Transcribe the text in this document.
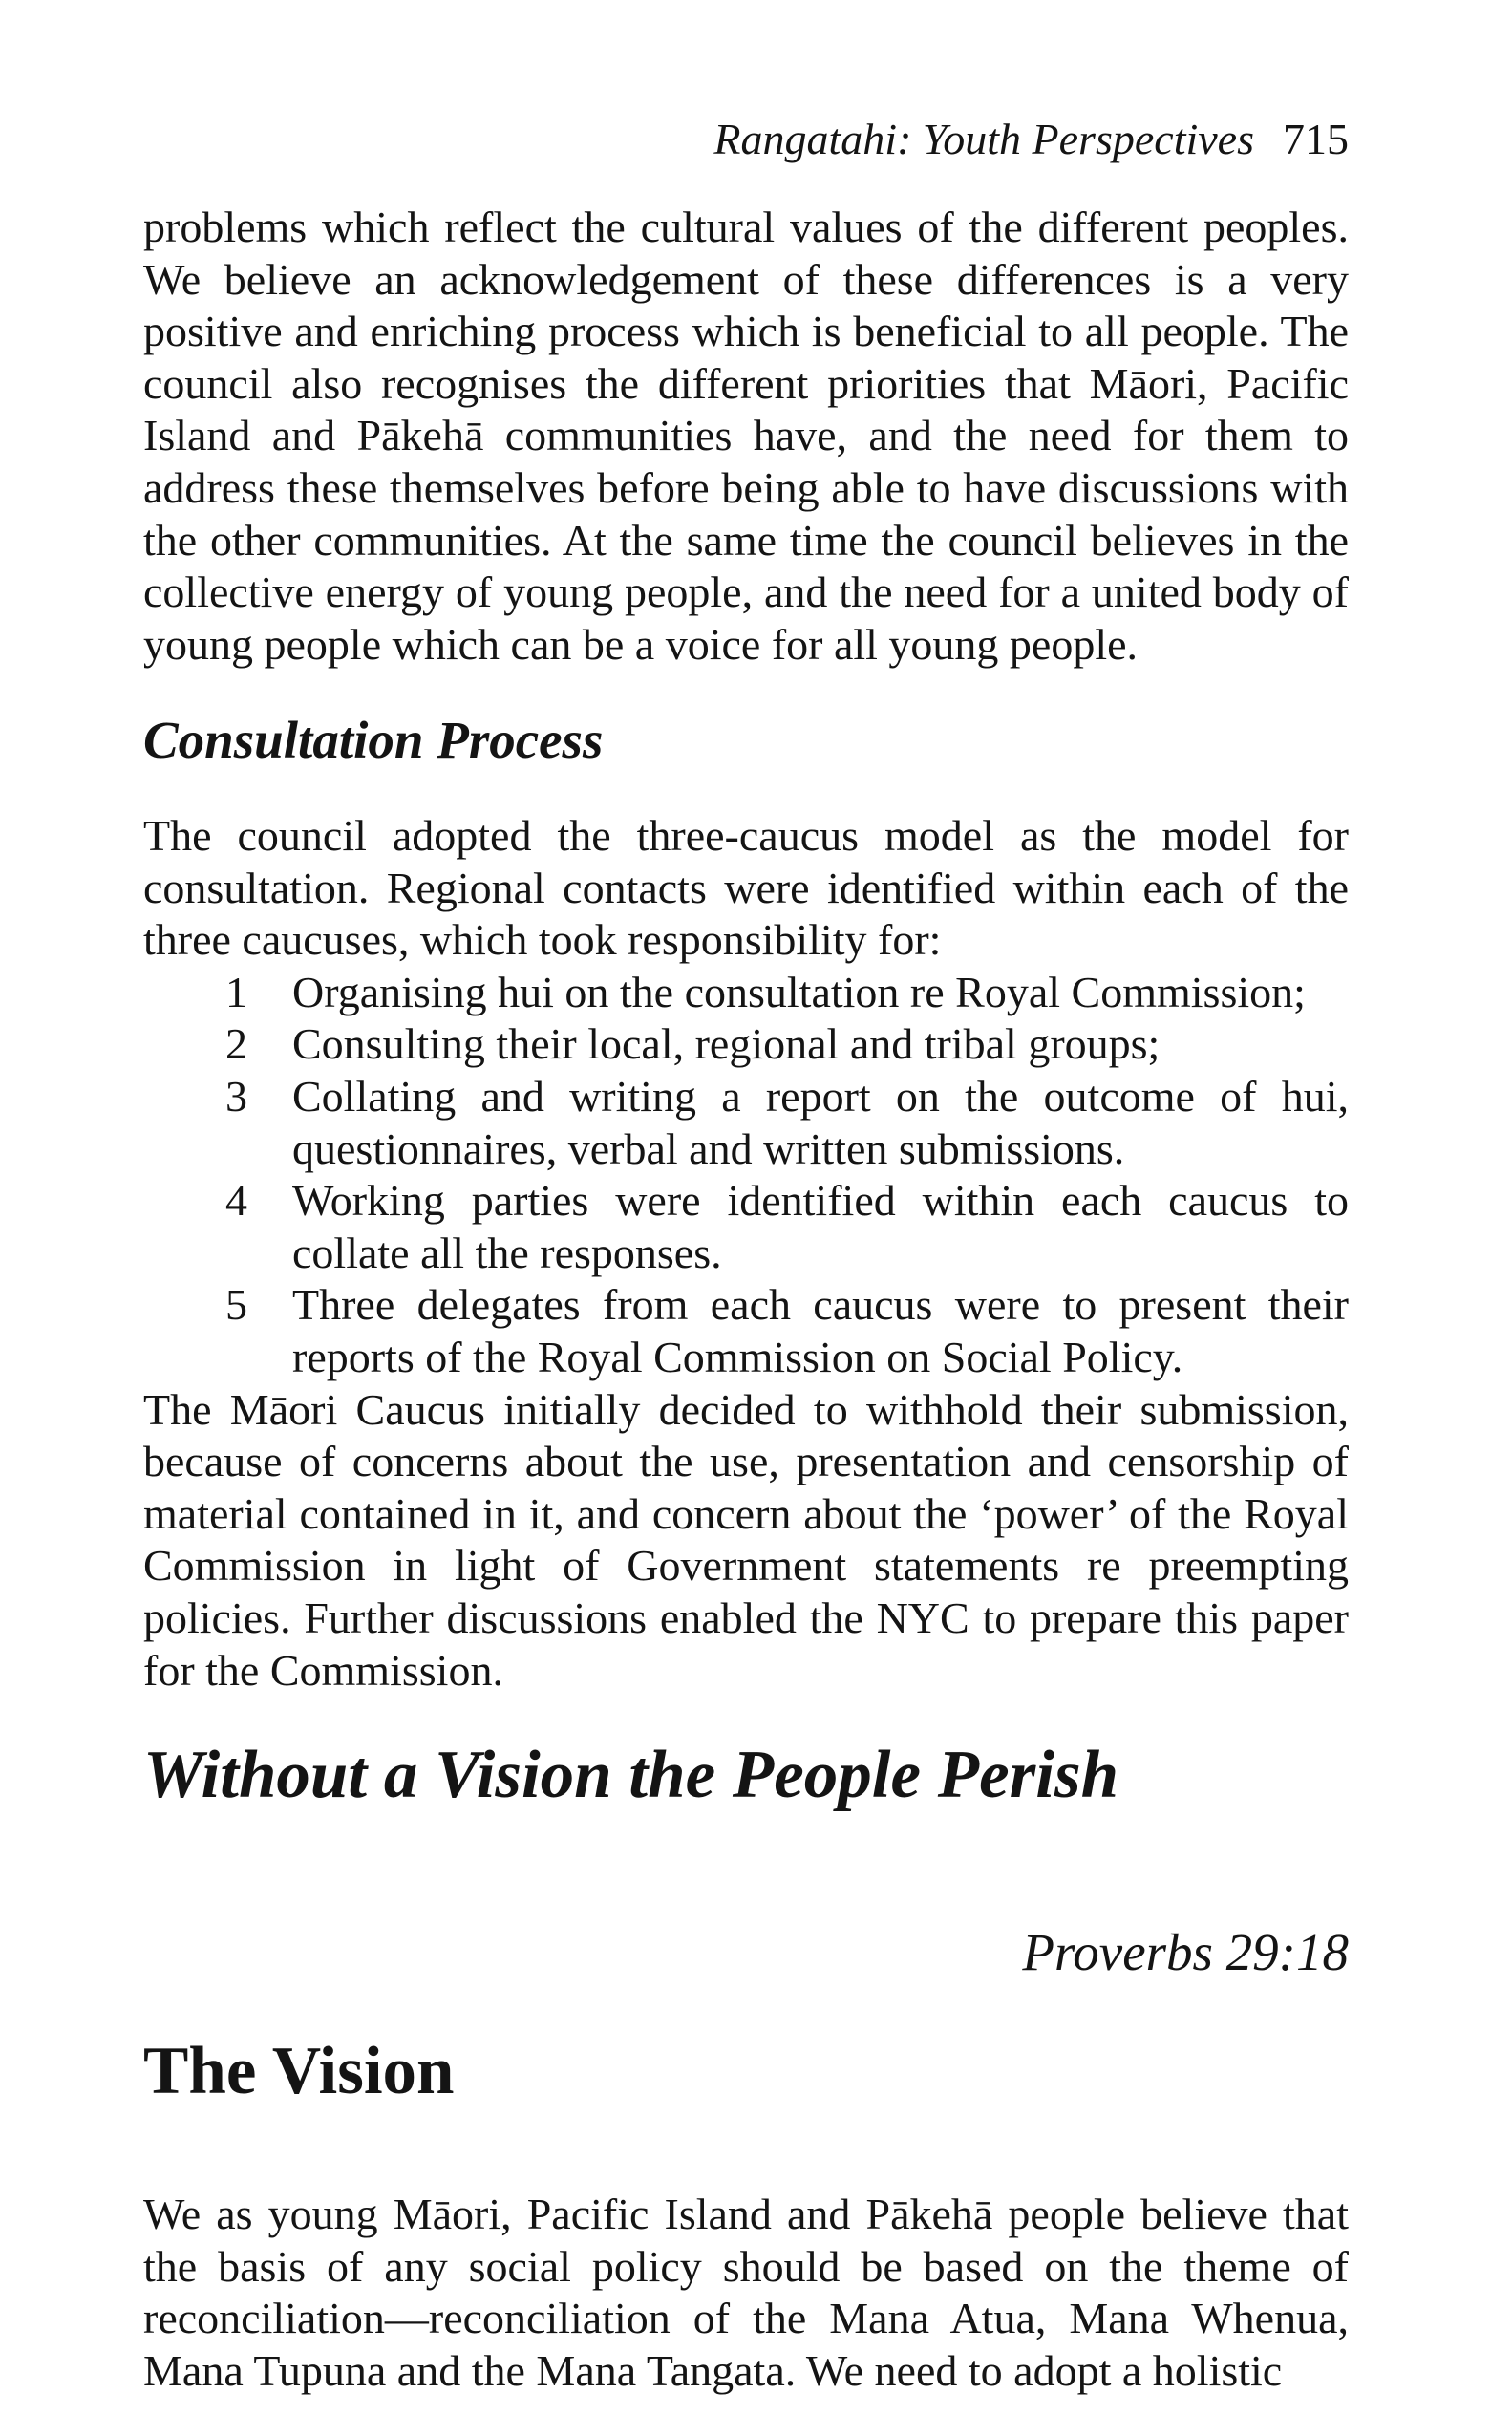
Rangatahi: Youth Perspectives 715

problems which reflect the cultural values of the different peoples. We believe an acknowledgement of these differences is a very positive and enriching process which is beneficial to all people. The council also recognises the different priorities that Māori, Pacific Island and Pākehā communities have, and the need for them to address these themselves before being able to have discussions with the other communities. At the same time the council believes in the collective energy of young people, and the need for a united body of young people which can be a voice for all young people.

Consultation Process

The council adopted the three-caucus model as the model for consultation. Regional contacts were identified within each of the three caucuses, which took responsibility for:

1 Organising hui on the consultation re Royal Commission;
2 Consulting their local, regional and tribal groups;
3 Collating and writing a report on the outcome of hui, questionnaires, verbal and written submissions.
4 Working parties were identified within each caucus to collate all the responses.
5 Three delegates from each caucus were to present their reports of the Royal Commission on Social Policy.

The Māori Caucus initially decided to withhold their submission, because of concerns about the use, presentation and censorship of material contained in it, and concern about the ‘power’ of the Royal Commission in light of Government statements re preempting policies. Further discussions enabled the NYC to prepare this paper for the Commission.

Without a Vision the People Perish
Proverbs 29:18
The Vision

We as young Māori, Pacific Island and Pākehā people believe that the basis of any social policy should be based on the theme of reconciliation—reconciliation of the Mana Atua, Mana Whenua, Mana Tupuna and the Mana Tangata. We need to adopt a holistic
